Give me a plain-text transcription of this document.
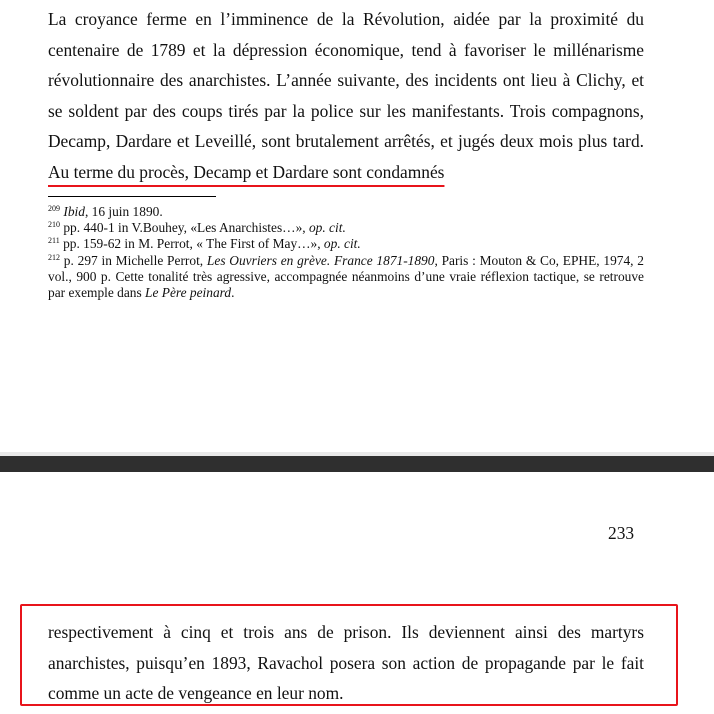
La croyance ferme en l’imminence de la Révolution, aidée par la proximité du centenaire de 1789 et la dépression économique, tend à favoriser le millénarisme révolutionnaire des anarchistes. L’année suivante, des incidents ont lieu à Clichy, et se soldent par des coups tirés par la police sur les manifestants. Trois compagnons, Decamp, Dardare et Leveillé, sont brutalement arrêtés, et jugés deux mois plus tard. Au terme du procès, Decamp et Dardare sont condamnés

$^{209}$ Ibid, 16 juin 1890.

$^{210}$ pp. 440-1 in V.Bouhey, «Les Anarchistes…», op. cit.

$^{211}$ pp. 159-62 in M. Perrot, « The First of May…», op. cit.

$^{212}$ p. 297 in Michelle Perrot, Les Ouvriers en grève. France 1871-1890, Paris : Mouton & Co, EPHE, 1974, 2 vol., 900 p. Cette tonalité très agressive, accompagnée néanmoins d’une vraie réflexion tactique, se retrouve par exemple dans Le Père peinard.

233

respectivement à cinq et trois ans de prison. Ils deviennent ainsi des martyrs anarchistes, puisqu’en 1893, Ravachol posera son action de propagande par le fait comme un acte de vengeance en leur nom.
